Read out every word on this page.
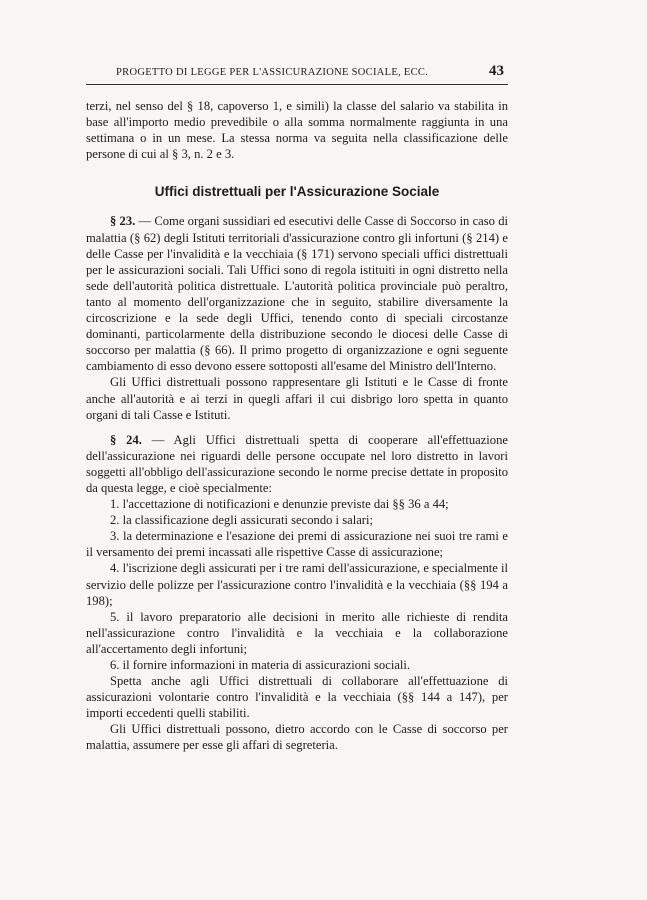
PROGETTO DI LEGGE PER L'ASSICURAZIONE SOCIALE, ECC.	43

terzi, nel senso del § 18, capoverso 1, e simili) la classe del salario va stabilita in base all'importo medio prevedibile o alla somma normalmente raggiunta in una settimana o in un mese. La stessa norma va seguita nella classificazione delle persone di cui al § 3, n. 2 e 3.

Uffici distrettuali per l'Assicurazione Sociale

§ 23. — Come organi sussidiari ed esecutivi delle Casse di Soccorso in caso di malattia (§ 62) degli Istituti territoriali d'assicurazione contro gli infortuni (§ 214) e delle Casse per l'invalidità e la vecchiaia (§ 171) servono speciali uffici distrettuali per le assicurazioni sociali. Tali Uffici sono di regola istituiti in ogni distretto nella sede dell'autorità politica distrettuale. L'autorità politica provinciale può peraltro, tanto al momento dell'organizzazione che in seguito, stabilire diversamente la circoscrizione e la sede degli Uffici, tenendo conto di speciali circostanze dominanti, particolarmente della distribuzione secondo le diocesi delle Casse di soccorso per malattia (§ 66). Il primo progetto di organizzazione e ogni seguente cambiamento di esso devono essere sottoposti all'esame del Ministro dell'Interno.

Gli Uffici distrettuali possono rappresentare gli Istituti e le Casse di fronte anche all'autorità e ai terzi in quegli affari il cui disbrigo loro spetta in quanto organi di tali Casse e Istituti.

§ 24. — Agli Uffici distrettuali spetta di cooperare all'effettuazione dell'assicurazione nei riguardi delle persone occupate nel loro distretto in lavori soggetti all'obbligo dell'assicurazione secondo le norme precise dettate in proposito da questa legge, e cioè specialmente:

1. l'accettazione di notificazioni e denunzie previste dai §§ 36 a 44;

2. la classificazione degli assicurati secondo i salari;

3. la determinazione e l'esazione dei premi di assicurazione nei suoi tre rami e il versamento dei premi incassati alle rispettive Casse di assicurazione;

4. l'iscrizione degli assicurati per i tre rami dell'assicurazione, e specialmente il servizio delle polizze per l'assicurazione contro l'invalidità e la vecchiaia (§§ 194 a 198);

5. il lavoro preparatorio alle decisioni in merito alle richieste di rendita nell'assicurazione contro l'invalidità e la vecchiaia e la collaborazione all'accertamento degli infortuni;

6. il fornire informazioni in materia di assicurazioni sociali.

Spetta anche agli Uffici distrettuali di collaborare all'effettuazione di assicurazioni volontarie contro l'invalidità e la vecchiaia (§§ 144 a 147), per importi eccedenti quelli stabiliti.

Gli Uffici distrettuali possono, dietro accordo con le Casse di soccorso per malattia, assumere per esse gli affari di segreteria.
